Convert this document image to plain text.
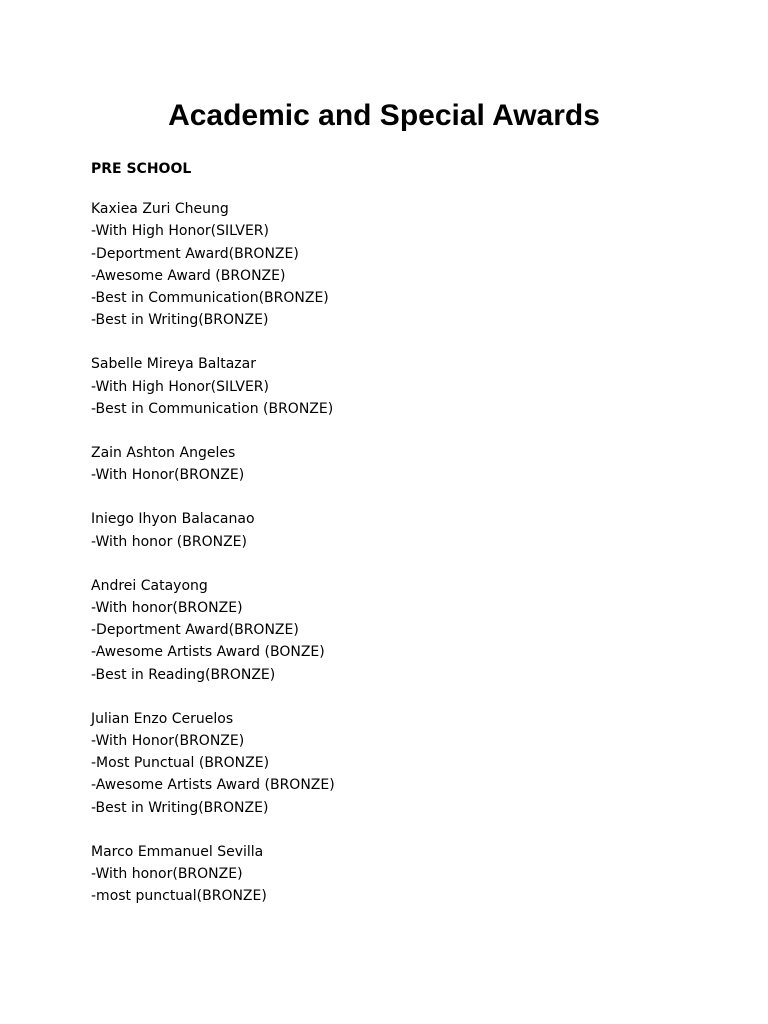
Academic and Special Awards
PRE SCHOOL
Kaxiea Zuri Cheung
-With High Honor(SILVER)
-Deportment Award(BRONZE)
-Awesome Award (BRONZE)
-Best in Communication(BRONZE)
-Best in Writing(BRONZE)
Sabelle Mireya Baltazar
-With High Honor(SILVER)
-Best in Communication (BRONZE)
Zain Ashton Angeles
-With Honor(BRONZE)
Iniego Ihyon Balacanao
-With honor (BRONZE)
Andrei Catayong
-With honor(BRONZE)
-Deportment Award(BRONZE)
-Awesome Artists Award (BONZE)
-Best in Reading(BRONZE)
Julian Enzo Ceruelos
-With Honor(BRONZE)
-Most Punctual (BRONZE)
-Awesome Artists Award (BRONZE)
-Best in Writing(BRONZE)
Marco Emmanuel Sevilla
-With honor(BRONZE)
-most punctual(BRONZE)
